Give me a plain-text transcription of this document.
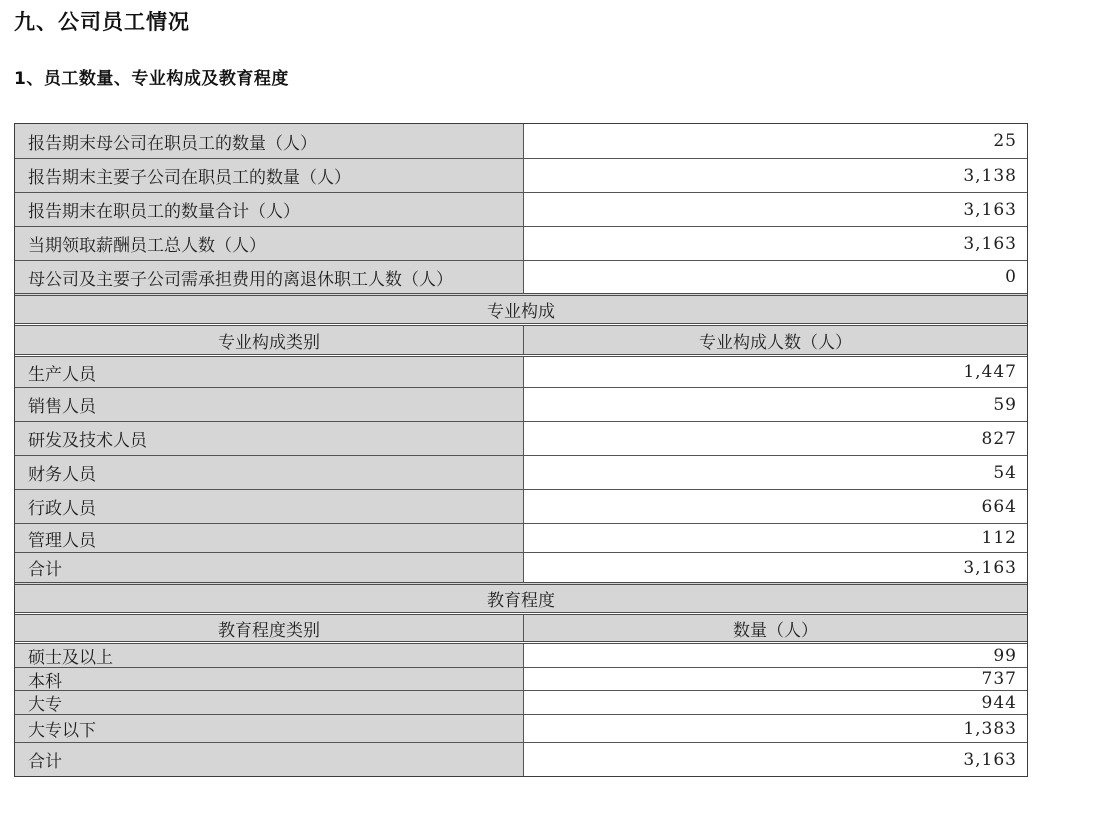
九、公司员工情况
1、员工数量、专业构成及教育程度
报告期末母公司在职员工的数量（人）	25
报告期末主要子公司在职员工的数量（人）	3,138
报告期末在职员工的数量合计（人）	3,163
当期领取薪酬员工总人数（人）	3,163
母公司及主要子公司需承担费用的离退休职工人数（人）	0
专业构成
专业构成类别	专业构成人数（人）
生产人员	1,447
销售人员	59
研发及技术人员	827
财务人员	54
行政人员	664
管理人员	112
合计	3,163
教育程度
教育程度类别	数量（人）
硕士及以上	99
本科	737
大专	944
大专以下	1,383
合计	3,163
